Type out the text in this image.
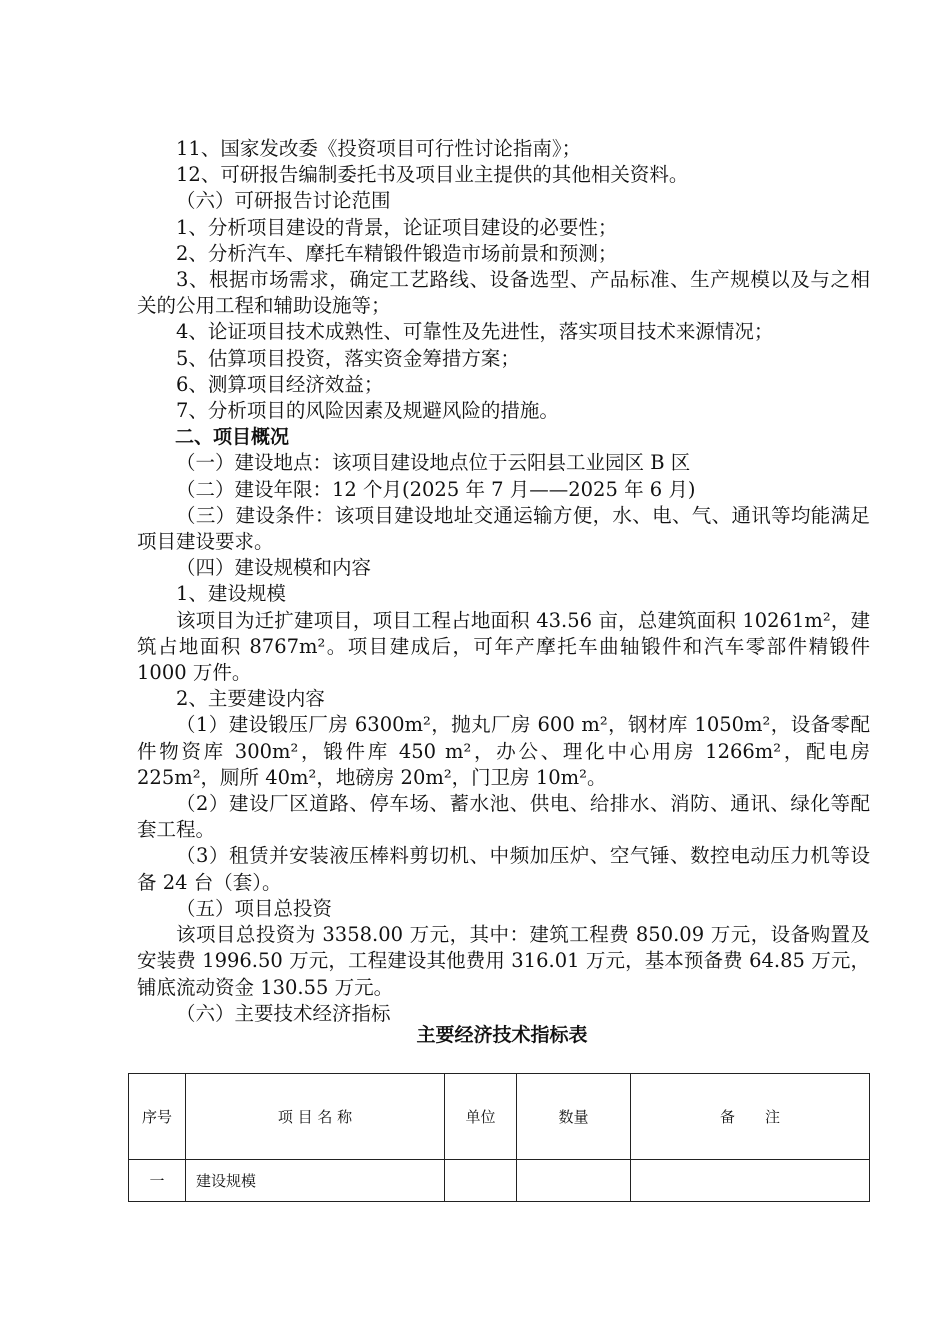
11、国家发改委《投资项目可行性讨论指南》；

12、可研报告编制委托书及项目业主提供的其他相关资料。

（六）可研报告讨论范围

1、分析项目建设的背景，论证项目建设的必要性；

2、分析汽车、摩托车精锻件锻造市场前景和预测；

3、根据市场需求，确定工艺路线、设备选型、产品标准、生产规模以及与之相关的公用工程和辅助设施等；

4、论证项目技术成熟性、可靠性及先进性，落实项目技术来源情况；

5、估算项目投资，落实资金筹措方案；

6、测算项目经济效益；

7、分析项目的风险因素及规避风险的措施。

二、项目概况

（一）建设地点：该项目建设地点位于云阳县工业园区 B 区

（二）建设年限：12 个月(2025 年 7 月——2025 年 6 月)

（三）建设条件：该项目建设地址交通运输方便，水、电、气、通讯等均能满足项目建设要求。

（四）建设规模和内容

1、建设规模

该项目为迁扩建项目，项目工程占地面积 43.56 亩，总建筑面积 10261m²，建筑占地面积 8767m²。项目建成后，可年产摩托车曲轴锻件和汽车零部件精锻件 1000 万件。

2、主要建设内容

（1）建设锻压厂房 6300m²，抛丸厂房 600 m²，钢材库 1050m²，设备零配件物资库 300m²，锻件库 450 m²，办公、理化中心用房 1266m²，配电房 225m²，厕所 40m²，地磅房 20m²，门卫房 10m²。

（2）建设厂区道路、停车场、蓄水池、供电、给排水、消防、通讯、绿化等配套工程。

（3）租赁并安装液压棒料剪切机、中频加压炉、空气锤、数控电动压力机等设备 24 台（套）。

（五）项目总投资

该项目总投资为 3358.00 万元，其中：建筑工程费 850.09 万元，设备购置及安装费 1996.50 万元，工程建设其他费用 316.01 万元，基本预备费 64.85 万元，铺底流动资金 130.55 万元。

（六）主要技术经济指标

主要经济技术指标表
序号	项 目 名 称	单位	数量	备　　注
一	建设规模			
